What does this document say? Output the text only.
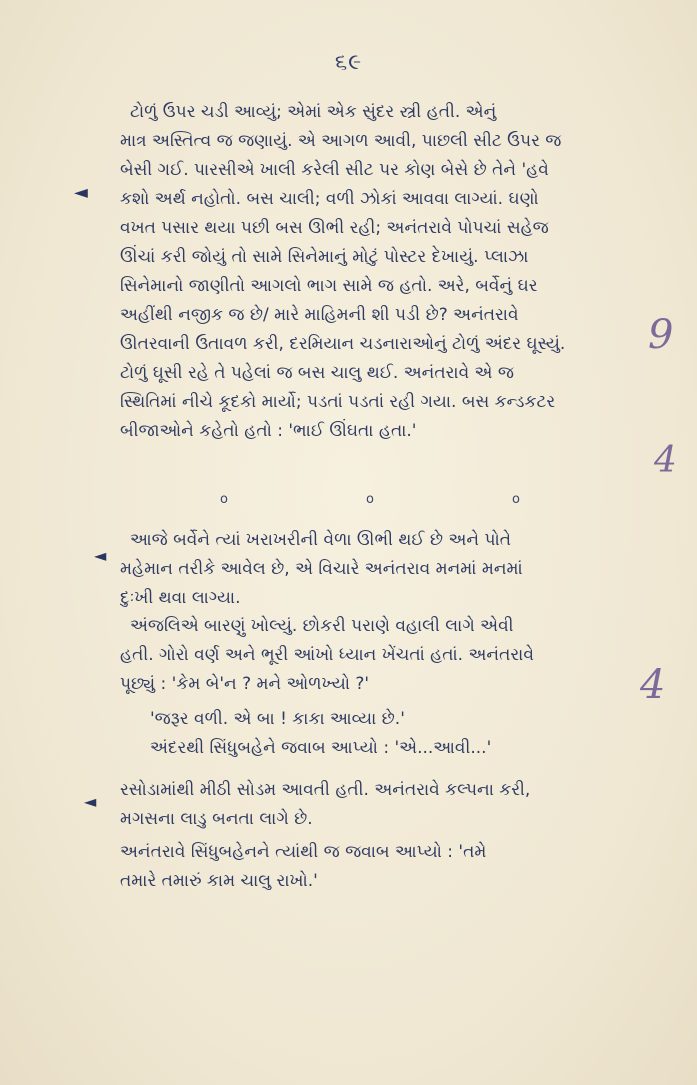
૬૯
ટોળું ઉપર ચડી આવ્યું; એમાં એક સુંદર સ્ત્રી હતી. એનું
માત્ર અસ્તિત્વ જ જણાયું. એ આગળ આવી, પાછલી સીટ ઉપર જ
બેસી ગઈ. પારસીએ ખાલી કરેલી સીટ પર કોણ બેસે છે તેને 'હવે
કશો અર્થ નહોતો. બસ ચાલી; વળી ઝોકાં આવવા લાગ્યાં. ઘણો
વખત પસાર થયા પછી બસ ઊભી રહી; અનંતરાવે પોપચાં સહેજ
ઊંચાં કરી જોયું તો સામે સિનેમાનું મોટું પોસ્ટર દેખાયું. પ્લાઝા
સિનેમાનો જાણીતો આગલો ભાગ સામે જ હતો. અરે, બર્વેનું ઘર
અહીંથી નજીક જ છે/ મારે માહિમની શી પડી છે? અનંતરાવે
ઊતરવાની ઉતાવળ કરી, દરમિયાન ચડનારાઓનું ટોળું અંદર ઘૂસ્યું.
ટોળું ઘૂસી રહે તે પહેલાં જ બસ ચાલુ થઈ. અનંતરાવે એ જ
સ્થિતિમાં નીચે કૂદકો માર્યો; પડતાં પડતાં રહી ગયા. બસ કન્ડકટર
બીજાઓને કહેતો હતો : 'ભાઈ ઊંઘતા હતા.'
o	o	o
આજે બર્વેને ત્યાં ખરાખરીની વેળા ઊભી થઈ છે અને પોતે
મહેમાન તરીકે આવેલ છે, એ વિચારે અનંતરાવ મનમાં મનમાં
દુઃખી થવા લાગ્યા.
અંજલિએ બારણું ખોલ્યું. છોકરી પરાણે વહાલી લાગે એવી
હતી. ગોરો વર્ણ અને ભૂરી આંખો ધ્યાન ખેંચતાં હતાં. અનંતરાવે
પૂછ્યું : 'કેમ બે'ન ? મને ઓળખ્યો ?'
'જરૂર વળી. એ બા ! કાકા આવ્યા છે.'
અંદરથી સિંધુબહેને જવાબ આપ્યો : 'એ...આવી...'
રસોડામાંથી મીઠી સોડમ આવતી હતી. અનંતરાવે કલ્પના કરી,
મગસના લાડુ બનતા લાગે છે.
અનંતરાવે સિંધુબહેનને ત્યાંથી જ જવાબ આપ્યો : 'તમે
તમારે તમારું કામ ચાલુ રાખો.'
◄
◄
◄
9
4
4
